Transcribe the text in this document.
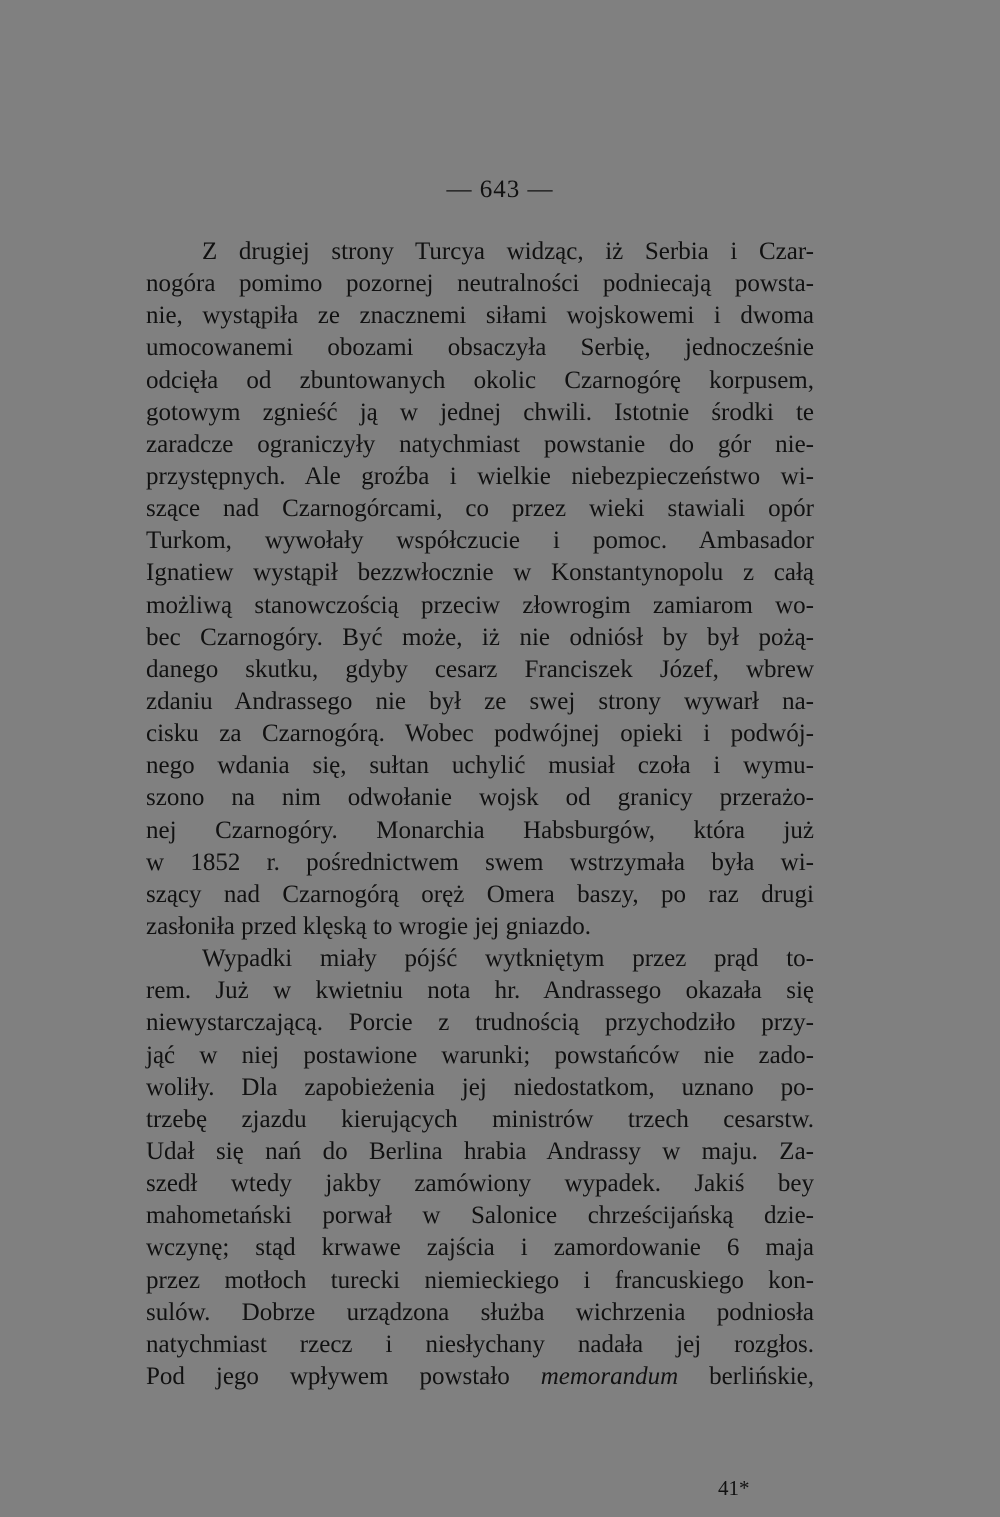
— 643 —
Z drugiej strony Turcya widząc, iż Serbia i Czar-
nogóra pomimo pozornej neutralności podniecają powsta-
nie, wystąpiła ze znacznemi siłami wojskowemi i dwoma
umocowanemi obozami obsaczyła Serbię, jednocześnie
odcięła od zbuntowanych okolic Czarnogórę korpusem,
gotowym zgnieść ją w jednej chwili. Istotnie środki te
zaradcze ograniczyły natychmiast powstanie do gór nie-
przystępnych. Ale groźba i wielkie niebezpieczeństwo wi-
szące nad Czarnogórcami, co przez wieki stawiali opór
Turkom, wywołały współczucie i pomoc. Ambasador
Ignatiew wystąpił bezzwłocznie w Konstantynopolu z całą
możliwą stanowczością przeciw złowrogim zamiarom wo-
bec Czarnogóry. Być może, iż nie odniósł by był pożą-
danego skutku, gdyby cesarz Franciszek Józef, wbrew
zdaniu Andrassego nie był ze swej strony wywarł na-
cisku za Czarnogórą. Wobec podwójnej opieki i podwój-
nego wdania się, sułtan uchylić musiał czoła i wymu-
szono na nim odwołanie wojsk od granicy przerażo-
nej Czarnogóry. Monarchia Habsburgów, która już
w 1852 r. pośrednictwem swem wstrzymała była wi-
szący nad Czarnogórą oręż Omera baszy, po raz drugi
zasłoniła przed klęską to wrogie jej gniazdo.
Wypadki miały pójść wytkniętym przez prąd to-
rem. Już w kwietniu nota hr. Andrassego okazała się
niewystarczającą. Porcie z trudnością przychodziło przy-
jąć w niej postawione warunki; powstańców nie zado-
woliły. Dla zapobieżenia jej niedostatkom, uznano po-
trzebę zjazdu kierujących ministrów trzech cesarstw.
Udał się nań do Berlina hrabia Andrassy w maju. Za-
szedł wtedy jakby zamówiony wypadek. Jakiś bey
mahometański porwał w Salonice chrześcijańską dzie-
wczynę; stąd krwawe zajścia i zamordowanie 6 maja
przez motłoch turecki niemieckiego i francuskiego kon-
sulów. Dobrze urządzona służba wichrzenia podniosła
natychmiast rzecz i niesłychany nadała jej rozgłos.
Pod jego wpływem powstało memorandum berlińskie,
41*
